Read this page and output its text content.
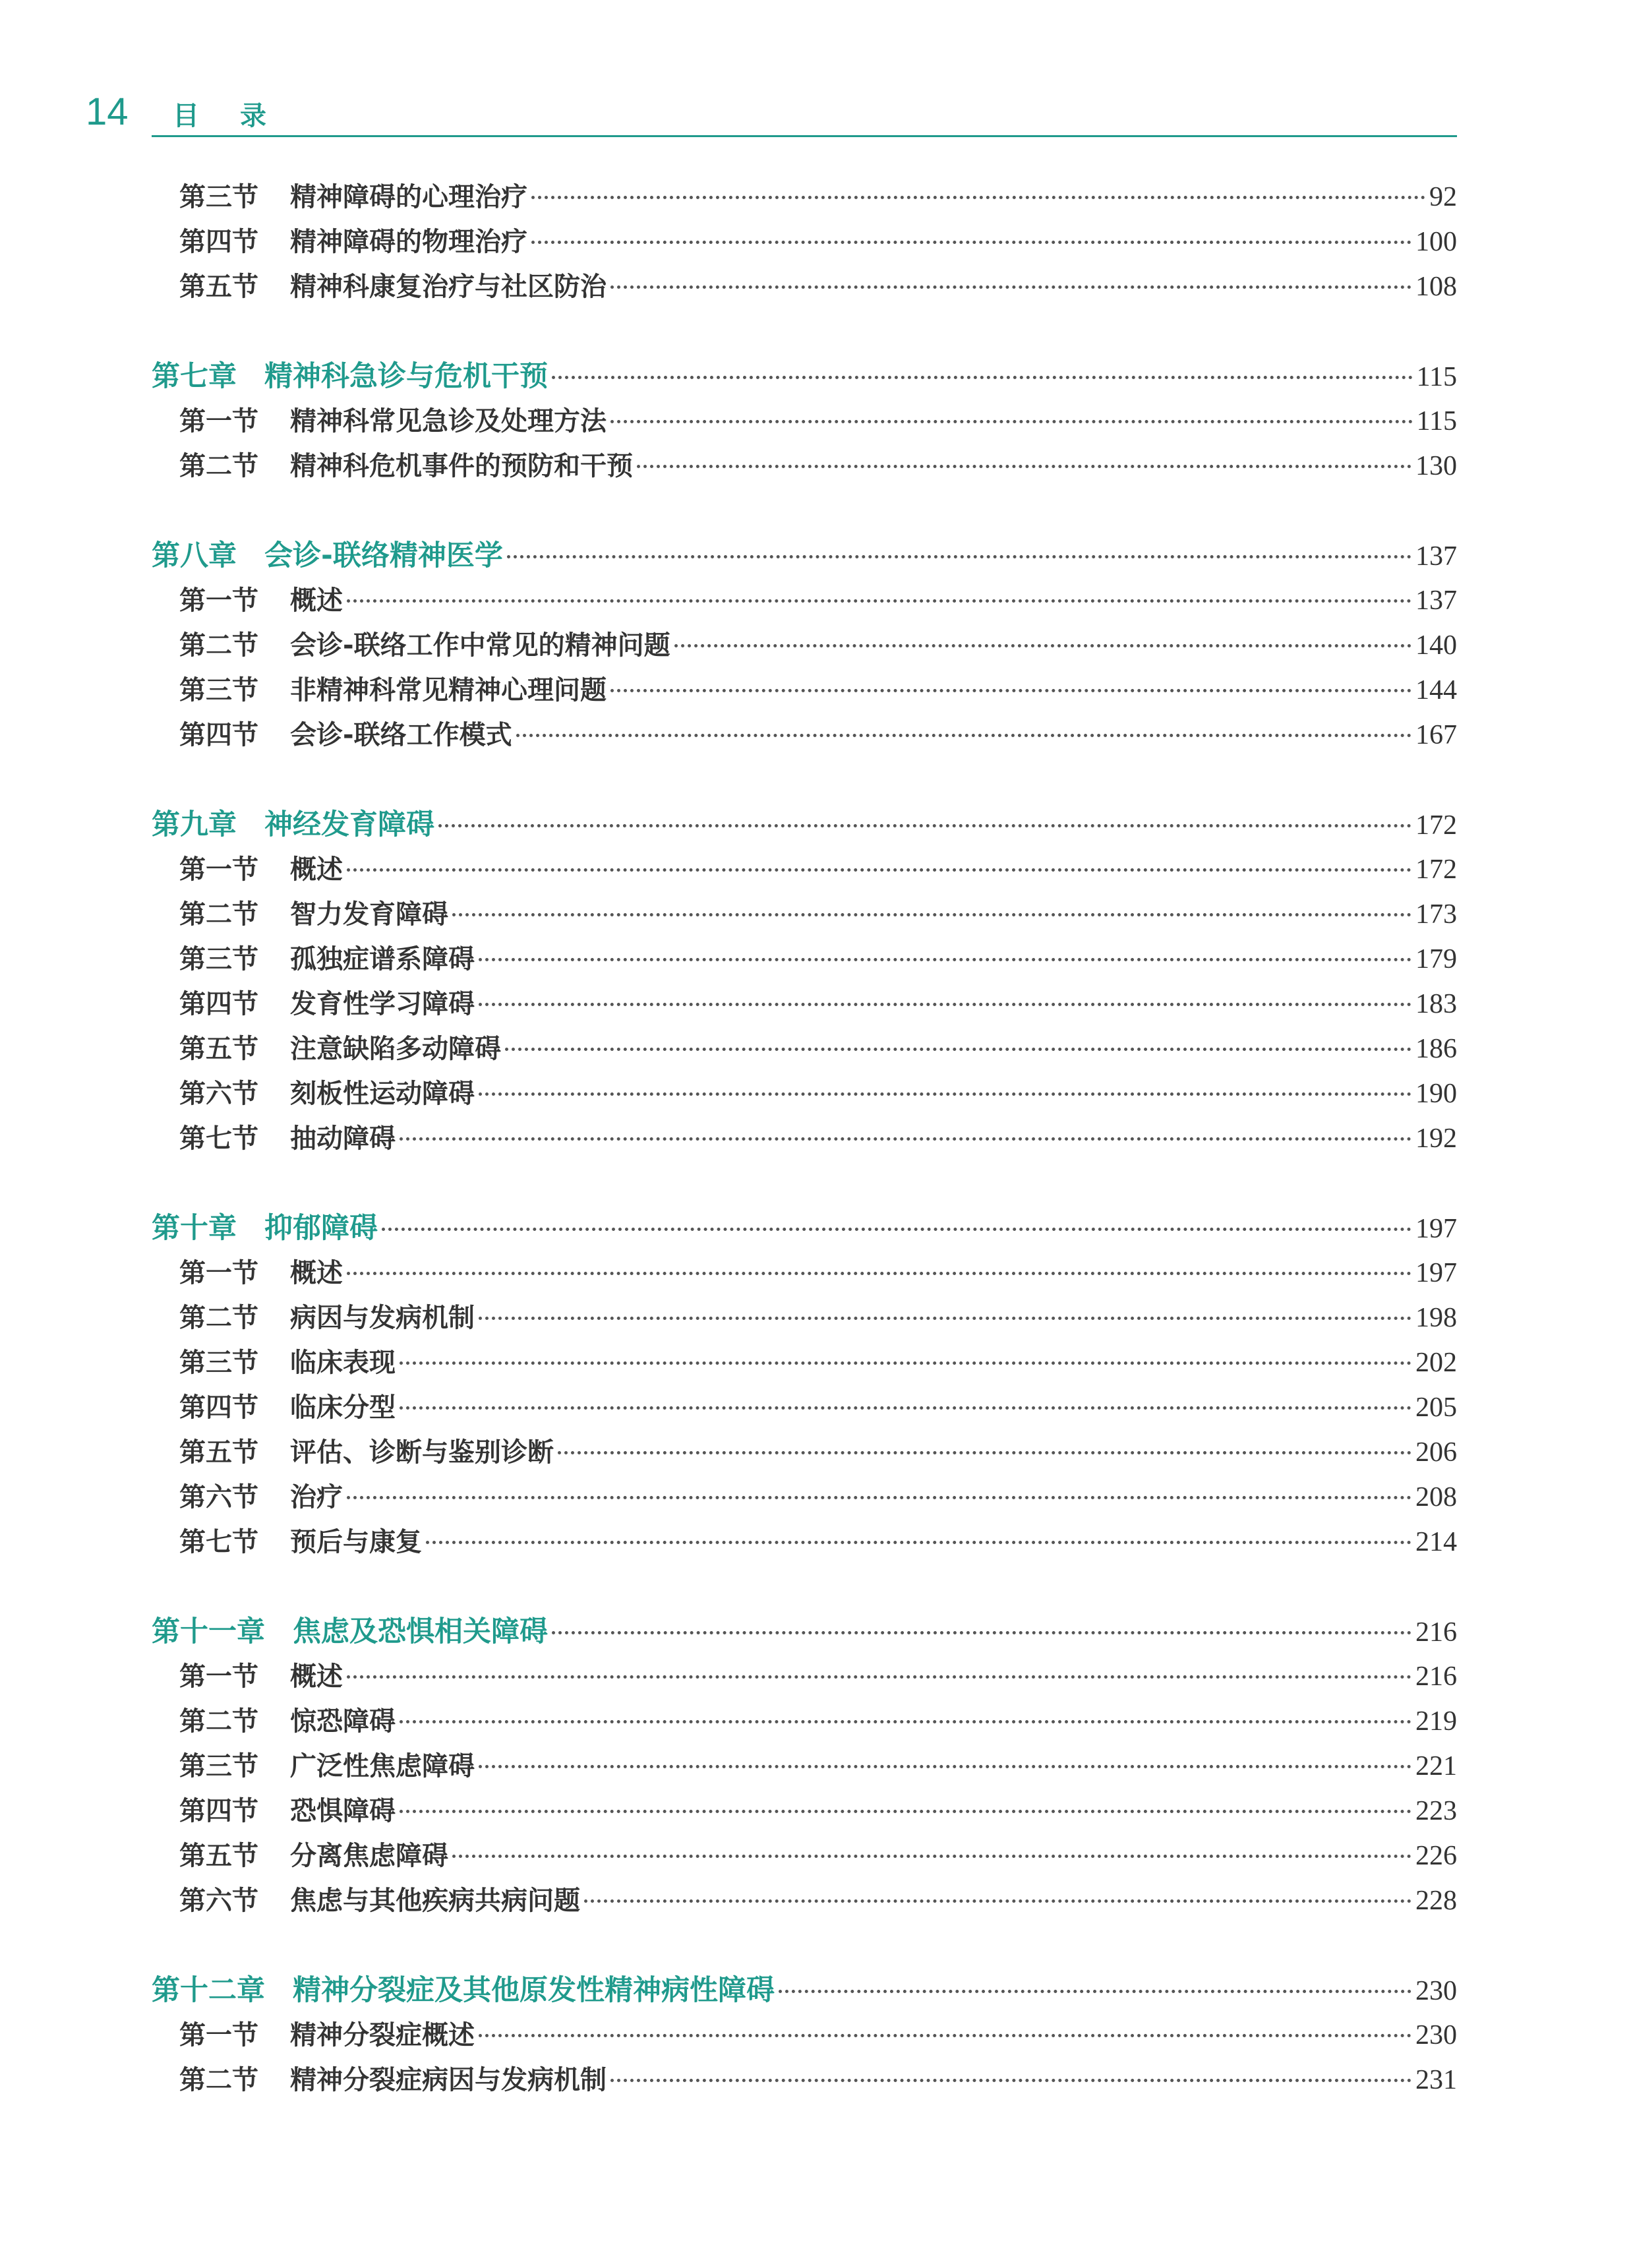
14 目录
第三节	精神障碍的心理治疗	92
第四节	精神障碍的物理治疗	100
第五节	精神科康复治疗与社区防治	108
第七章 精神科急诊与危机干预	115
第一节	精神科常见急诊及处理方法	115
第二节	精神科危机事件的预防和干预	130
第八章 会诊-联络精神医学	137
第一节	概述	137
第二节	会诊-联络工作中常见的精神问题	140
第三节	非精神科常见精神心理问题	144
第四节	会诊-联络工作模式	167
第九章 神经发育障碍	172
第一节	概述	172
第二节	智力发育障碍	173
第三节	孤独症谱系障碍	179
第四节	发育性学习障碍	183
第五节	注意缺陷多动障碍	186
第六节	刻板性运动障碍	190
第七节	抽动障碍	192
第十章 抑郁障碍	197
第一节	概述	197
第二节	病因与发病机制	198
第三节	临床表现	202
第四节	临床分型	205
第五节	评估、诊断与鉴别诊断	206
第六节	治疗	208
第七节	预后与康复	214
第十一章 焦虑及恐惧相关障碍	216
第一节	概述	216
第二节	惊恐障碍	219
第三节	广泛性焦虑障碍	221
第四节	恐惧障碍	223
第五节	分离焦虑障碍	226
第六节	焦虑与其他疾病共病问题	228
第十二章 精神分裂症及其他原发性精神病性障碍	230
第一节	精神分裂症概述	230
第二节	精神分裂症病因与发病机制	231
